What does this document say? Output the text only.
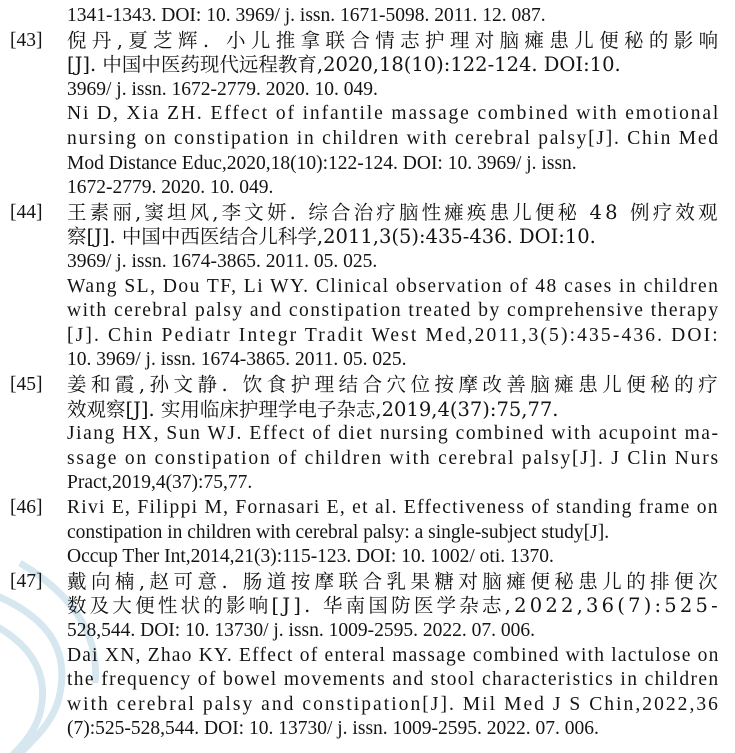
1341-1343. DOI: 10. 3969/ j. issn. 1671-5098. 2011. 12. 087.
[43] 倪丹,夏芝辉. 小儿推拿联合情志护理对脑瘫患儿便秘的影响
[J]. 中国中医药现代远程教育,2020,18(10):122-124. DOI:10.
3969/ j. issn. 1672-2779. 2020. 10. 049.
Ni D, Xia ZH. Effect of infantile massage combined with emotional
nursing on constipation in children with cerebral palsy[J]. Chin Med
Mod Distance Educ,2020,18(10):122-124. DOI: 10. 3969/ j. issn.
1672-2779. 2020. 10. 049.
[44] 王素丽,窦坦风,李文妍. 综合治疗脑性瘫痪患儿便秘 48 例疗效观
察[J]. 中国中西医结合儿科学,2011,3(5):435-436. DOI:10.
3969/ j. issn. 1674-3865. 2011. 05. 025.
Wang SL, Dou TF, Li WY. Clinical observation of 48 cases in children
with cerebral palsy and constipation treated by comprehensive therapy
[J]. Chin Pediatr Integr Tradit West Med,2011,3(5):435-436. DOI:
10. 3969/ j. issn. 1674-3865. 2011. 05. 025.
[45] 姜和霞,孙文静. 饮食护理结合穴位按摩改善脑瘫患儿便秘的疗
效观察[J]. 实用临床护理学电子杂志,2019,4(37):75,77.
Jiang HX, Sun WJ. Effect of diet nursing combined with acupoint ma-
ssage on constipation of children with cerebral palsy[J]. J Clin Nurs
Pract,2019,4(37):75,77.
[46] Rivi E, Filippi M, Fornasari E, et al. Effectiveness of standing frame on
constipation in children with cerebral palsy: a single-subject study[J].
Occup Ther Int,2014,21(3):115-123. DOI: 10. 1002/ oti. 1370.
[47] 戴向楠,赵可意. 肠道按摩联合乳果糖对脑瘫便秘患儿的排便次
数及大便性状的影响[J]. 华南国防医学杂志,2022,36(7):525-
528,544. DOI: 10. 13730/ j. issn. 1009-2595. 2022. 07. 006.
Dai XN, Zhao KY. Effect of enteral massage combined with lactulose on
the frequency of bowel movements and stool characteristics in children
with cerebral palsy and constipation[J]. Mil Med J S Chin,2022,36
(7):525-528,544. DOI: 10. 13730/ j. issn. 1009-2595. 2022. 07. 006.
